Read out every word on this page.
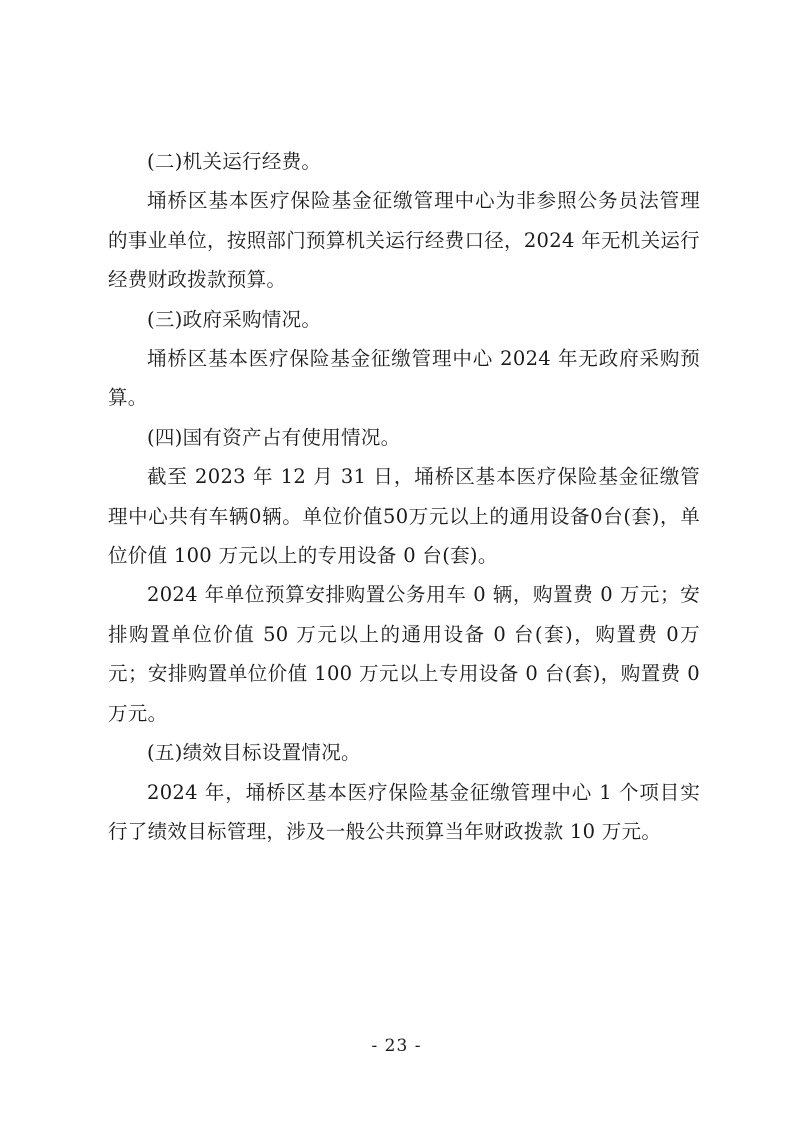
(二)机关运行经费。

埇桥区基本医疗保险基金征缴管理中心为非参照公务员法管理的事业单位，按照部门预算机关运行经费口径，2024 年无机关运行经费财政拨款预算。

(三)政府采购情况。

埇桥区基本医疗保险基金征缴管理中心 2024 年无政府采购预算。

(四)国有资产占有使用情况。

截至 2023 年 12 月 31 日，埇桥区基本医疗保险基金征缴管理中心共有车辆0辆。单位价值50万元以上的通用设备0台(套)，单位价值 100 万元以上的专用设备 0 台(套)。

2024 年单位预算安排购置公务用车 0 辆，购置费 0 万元；安排购置单位价值 50 万元以上的通用设备 0 台(套)，购置费 0万元；安排购置单位价值 100 万元以上专用设备 0 台(套)，购置费 0 万元。

(五)绩效目标设置情况。

2024 年，埇桥区基本医疗保险基金征缴管理中心 1 个项目实行了绩效目标管理，涉及一般公共预算当年财政拨款 10 万元。

- 23 -
